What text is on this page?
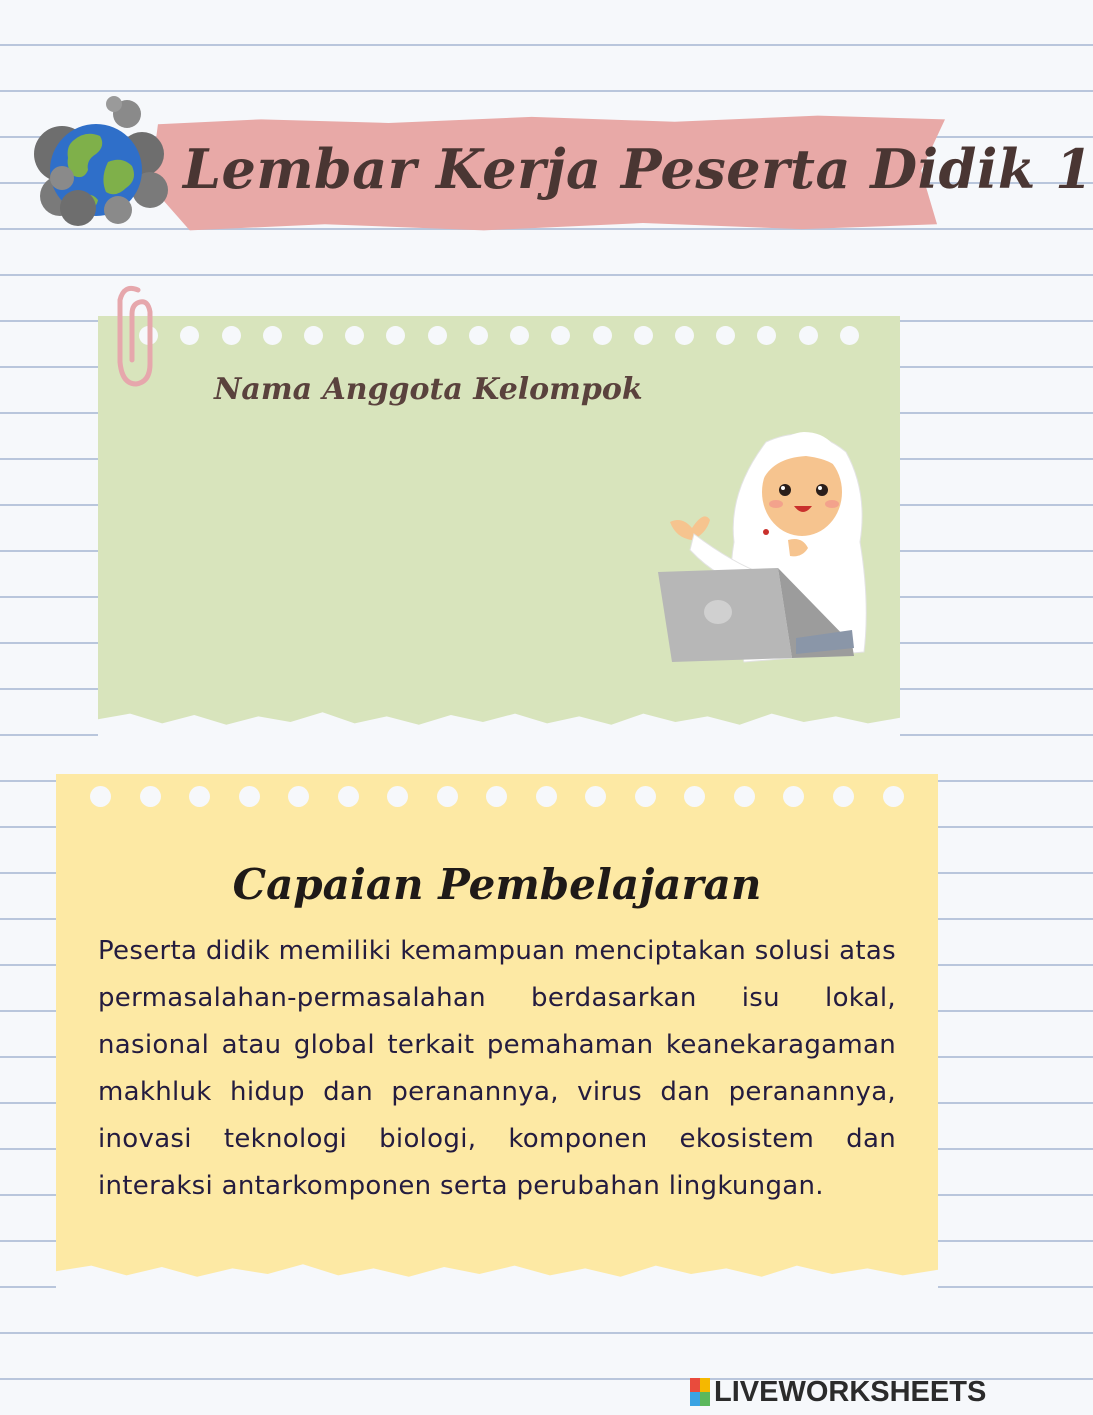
Lembar Kerja Peserta Didik 1
Nama Anggota Kelompok
Capaian Pembelajaran
Peserta didik memiliki kemampuan menciptakan solusi atas permasalahan-permasalahan berdasarkan isu lokal, nasional atau global terkait pemahaman keanekaragaman makhluk hidup dan peranannya, virus dan peranannya, inovasi teknologi biologi, komponen ekosistem dan interaksi antarkomponen serta perubahan lingkungan.
LIVEWORKSHEETS
